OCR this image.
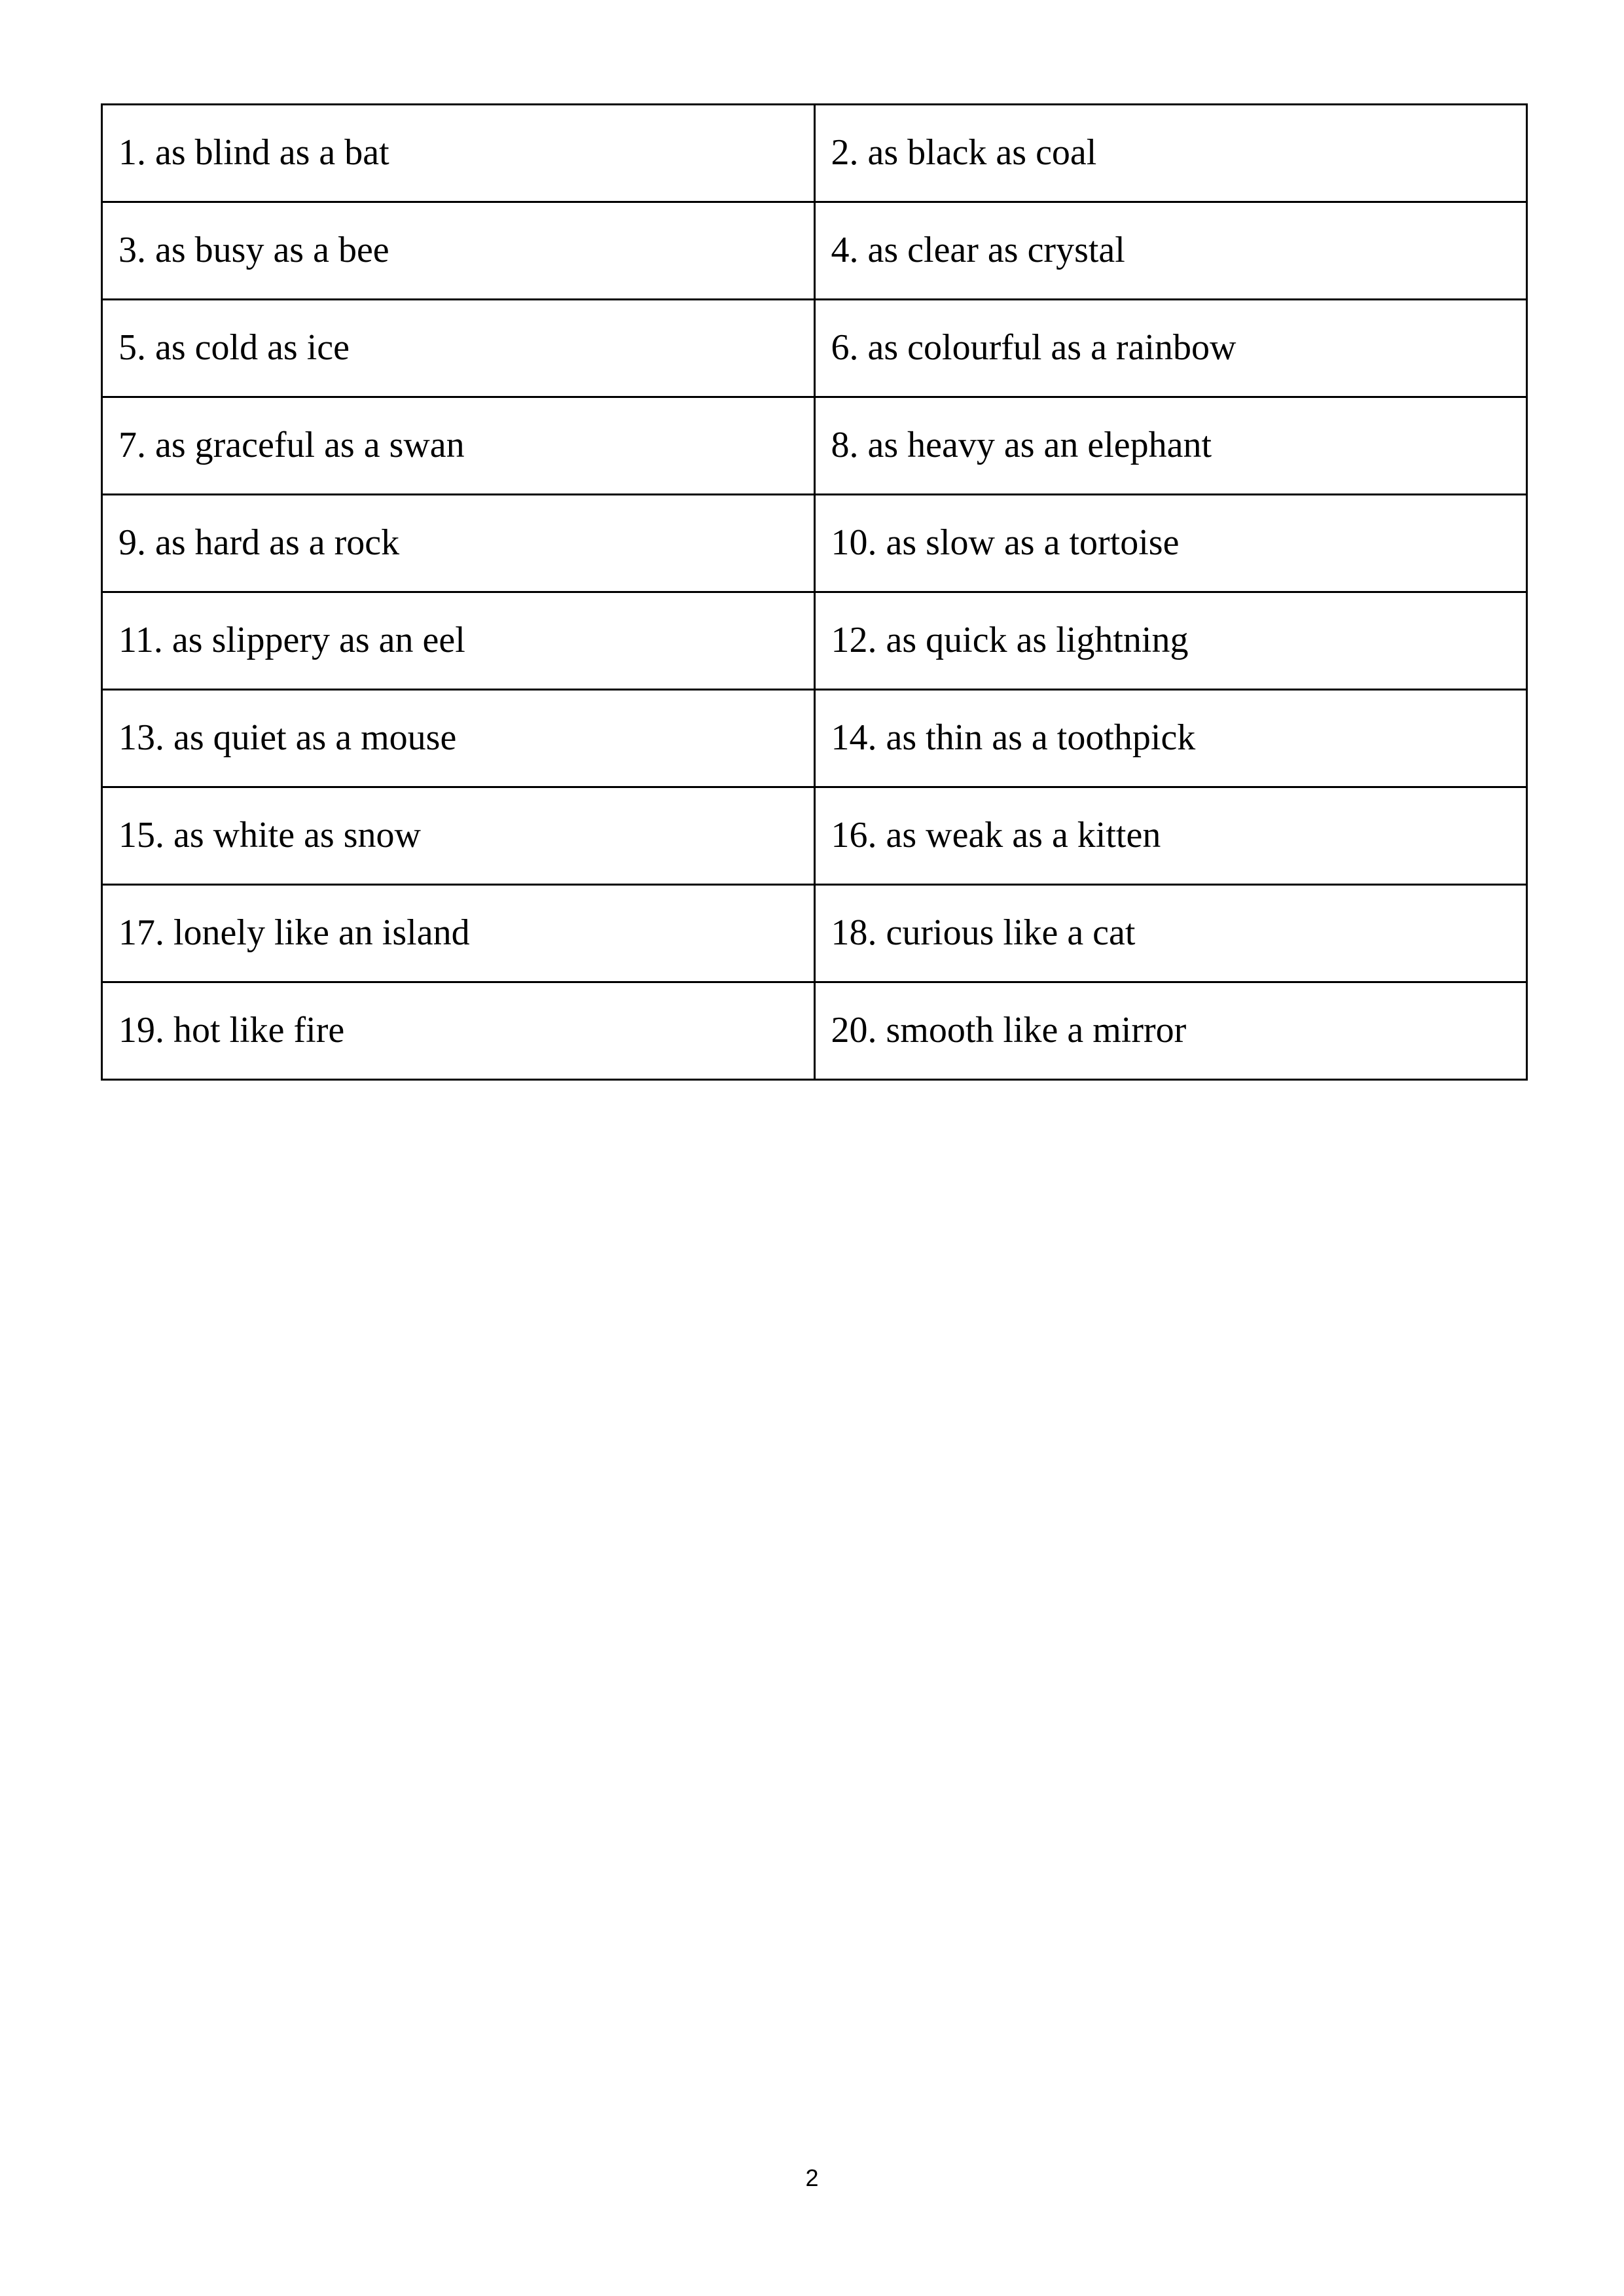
1. as blind as a bat	2. as black as coal
3. as busy as a bee	4. as clear as crystal
5. as cold as ice	6. as colourful as a rainbow
7. as graceful as a swan	8. as heavy as an elephant
9. as hard as a rock	10. as slow as a tortoise
11. as slippery as an eel	12. as quick as lightning
13. as quiet as a mouse	14. as thin as a toothpick
15. as white as snow	16. as weak as a kitten
17. lonely like an island	18. curious like a cat
19. hot like fire	20. smooth like a mirror
2
